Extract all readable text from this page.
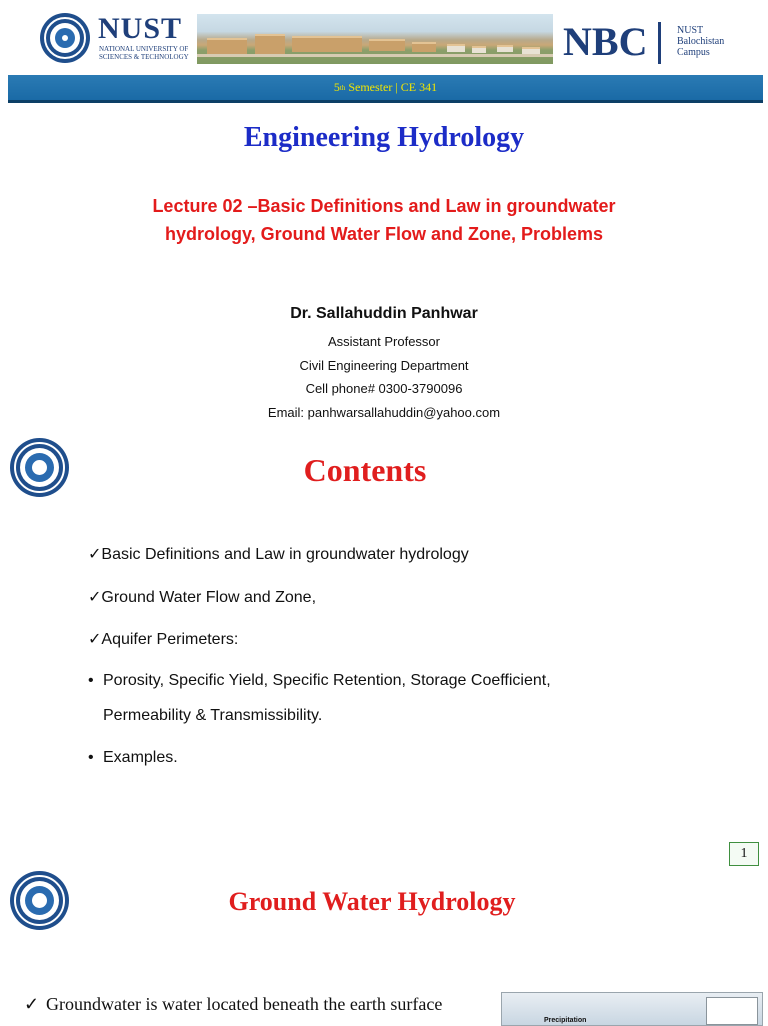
NUST
NATIONAL UNIVERSITY OF
SCIENCES & TECHNOLOGY	NBC	NUST
Balochistan
Campus
5 th
Semester
|
CE 341
Engineering Hydrology
Lecture 02 –Basic Definitions and Law in groundwater
hydrology, Ground Water Flow and Zone, Problems
Dr. Sallahuddin Panhwar
Assistant Professor
Civil Engineering Department
Cell phone# 0300-3790096
Email: panhwarsallahuddin@yahoo.com
Contents
✓Basic Definitions and Law in groundwater hydrology
✓Ground Water Flow and Zone,
✓Aquifer Perimeters:
• Porosity, Specific Yield, Specific Retention, Storage Coefficient,
Permeability & Transmissibility.
• Examples.
1
Ground Water Hydrology
✓ Groundwater is water located beneath the earth surface
Precipitation
